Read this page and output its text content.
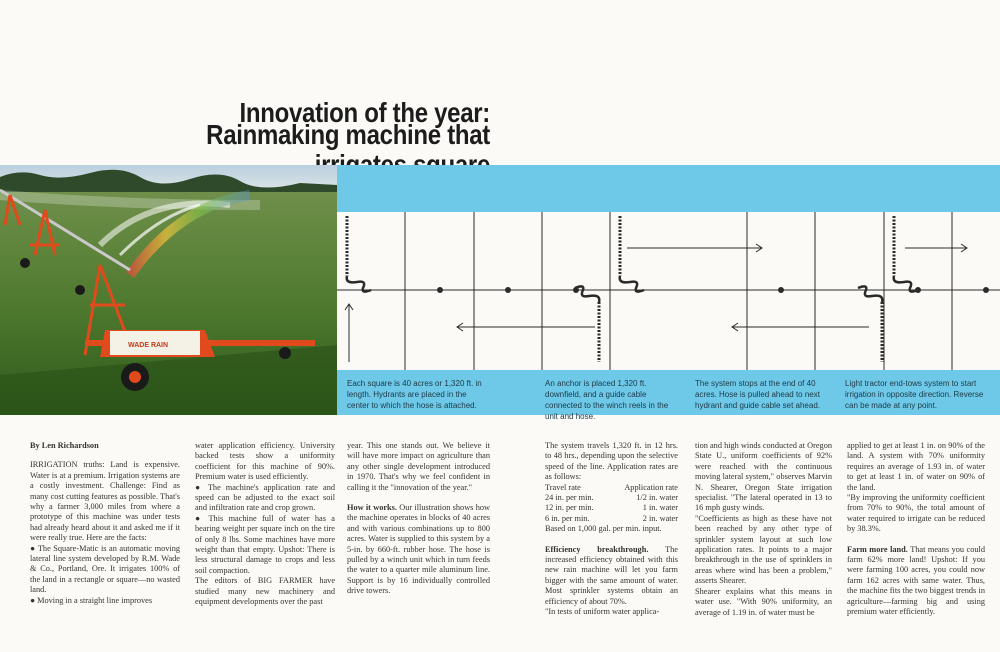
Innovation of the year:
Rainmaking machine that
WADE RAIN
Each square is 40 acres or 1,320 ft. in length. Hydrants are placed in the center to which the hose is attached.
An anchor is placed 1,320 ft. downfield, and a guide cable connected to the winch reels in the unit and hose.
The system stops at the end of 40 acres. Hose is pulled ahead to next hydrant and guide cable set ahead.
Light tractor end-tows system to start irrigation in opposite direction. Reverse can be made at any point.

By Len Richardson

IRRIGATION truths: Land is expensive. Water is at a premium. Irrigation systems are a costly investment. Challenge: Find as many cost cutting features as possible. That's why a farmer 3,000 miles from where a prototype of this machine was under tests had already heard about it and asked me if it were really true. Here are the facts:

● The Square-Matic is an automatic moving lateral line system developed by R.M. Wade & Co., Portland, Ore. It irrigates 100% of the land in a rectangle or square—no wasted land.

● Moving in a straight line improves

water application efficiency. University backed tests show a uniformity coefficient for this machine of 90%. Premium water is used efficiently.

● The machine's application rate and speed can be adjusted to the exact soil and infiltration rate and crop grown.

● This machine full of water has a bearing weight per square inch on the tire of only 8 lbs. Some machines have more weight than that empty. Upshot: There is less structural damage to crops and less soil compaction.

The editors of BIG FARMER have studied many new machinery and equipment developments over the past

year. This one stands out. We believe it will have more impact on agriculture than any other single development introduced in 1970. That's why we feel confident in calling it the "innovation of the year."

How it works. Our illustration shows how the machine operates in blocks of 40 acres and with various combinations up to 800 acres. Water is supplied to this system by a 5-in. by 660-ft. rubber hose. The hose is pulled by a winch unit which in turn feeds the water to a quarter mile aluminum line. Support is by 16 individually controlled drive towers.

The system travels 1,320 ft. in 12 hrs. to 48 hrs., depending upon the selective speed of the line. Application rates are as follows:

Travel rate	Application rate
24 in. per min.	1/2 in. water
12 in. per min.	1 in. water
6 in. per min.	2 in. water

Based on 1,000 gal. per min. input.

Efficiency breakthrough. The increased efficiency obtained with this new rain machine will let you farm bigger with the same amount of water. Most sprinkler systems obtain an efficiency of about 70%.

"In tests of uniform water applica-

tion and high winds conducted at Oregon State U., uniform coefficients of 92% were reached with the continuous moving lateral system," observes Marvin N. Shearer, Oregon State irrigation specialist. "The lateral operated in 13 to 16 mph gusty winds.

"Coefficients as high as these have not been reached by any other type of sprinkler system layout at such low application rates. It points to a major breakthrough in the use of sprinklers in areas where wind has been a problem," asserts Shearer.

Shearer explains what this means in water use. "With 90% uniformity, an average of 1.19 in. of water must be

applied to get at least 1 in. on 90% of the land. A system with 70% uniformity requires an average of 1.93 in. of water to get at least 1 in. of water on 90% of the land.

"By improving the uniformity coefficient from 70% to 90%, the total amount of water required to irrigate can be reduced by 38.3%.

Farm more land. That means you could farm 62% more land! Upshot: If you were farming 100 acres, you could now farm 162 acres with same water. Thus, the machine fits the two biggest trends in agriculture—farming big and using premium water efficiently.
